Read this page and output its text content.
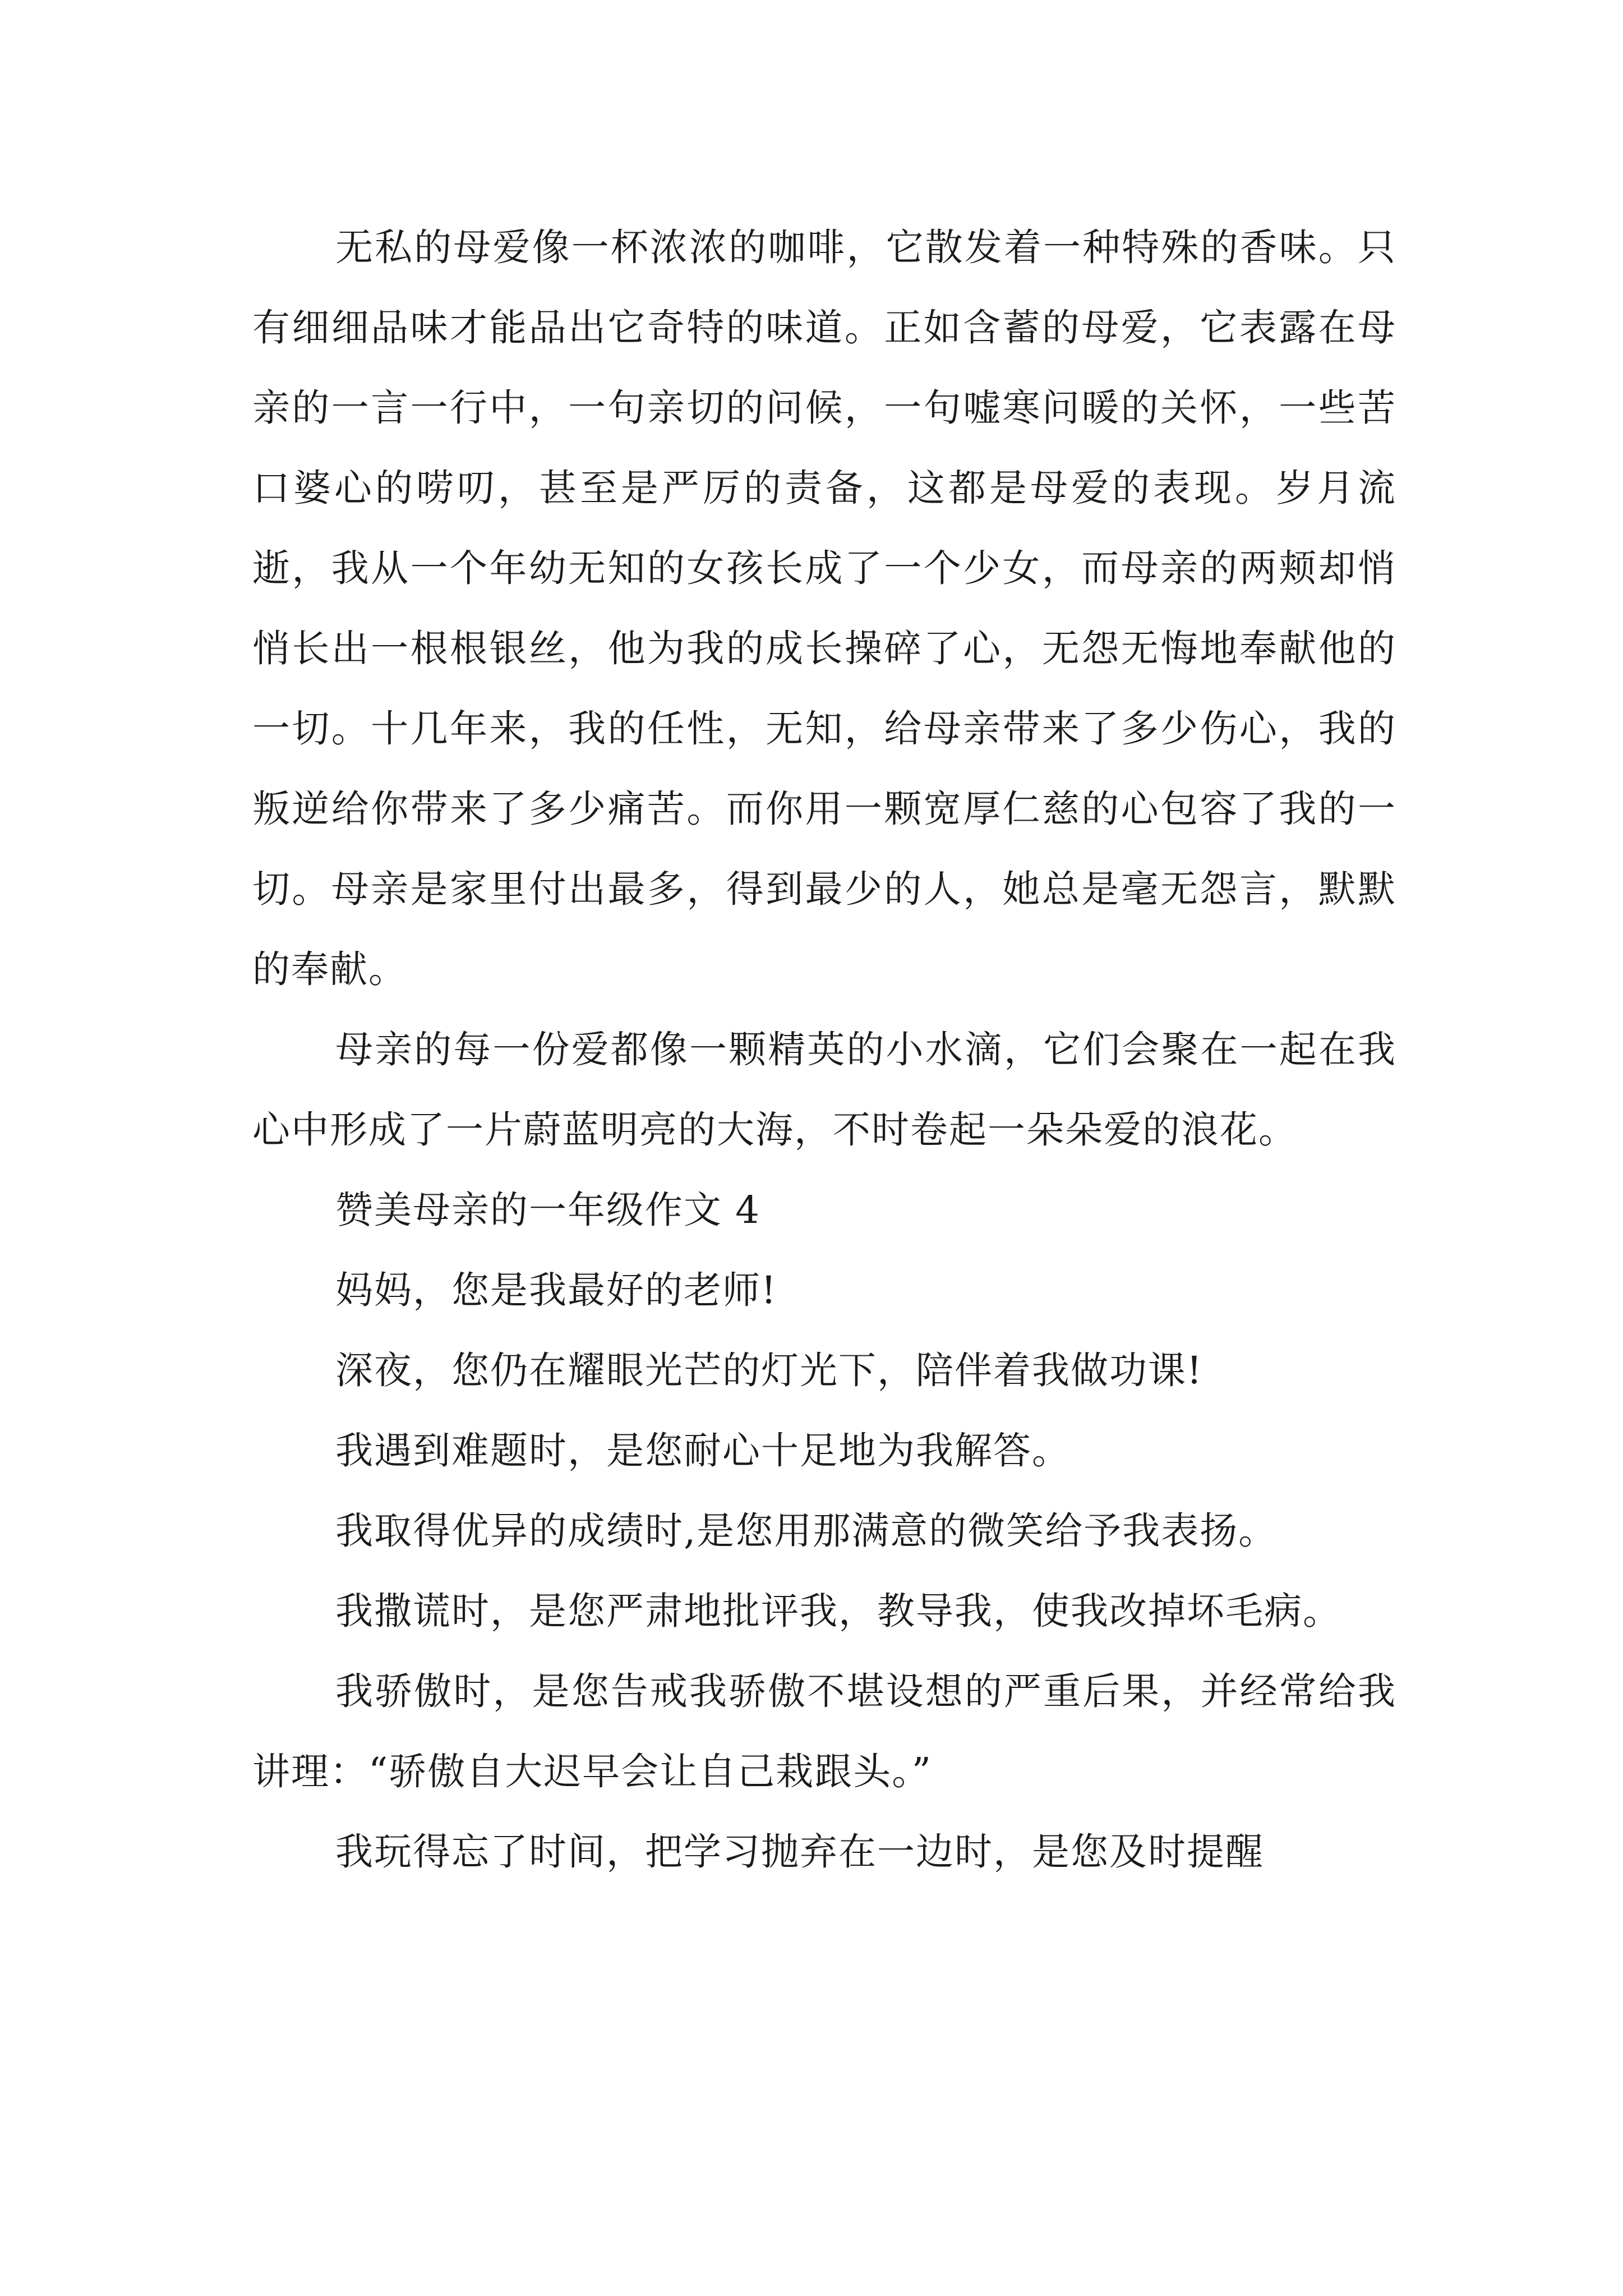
无私的母爱像一杯浓浓的咖啡，它散发着一种特殊的香味。只有细细品味才能品出它奇特的味道。正如含蓄的母爱，它表露在母亲的一言一行中，一句亲切的问候，一句嘘寒问暖的关怀，一些苦口婆心的唠叨，甚至是严厉的责备，这都是母爱的表现。岁月流逝，我从一个年幼无知的女孩长成了一个少女，而母亲的两颊却悄悄长出一根根银丝，他为我的成长操碎了心，无怨无悔地奉献他的一切。十几年来，我的任性，无知，给母亲带来了多少伤心，我的叛逆给你带来了多少痛苦。而你用一颗宽厚仁慈的心包容了我的一切。母亲是家里付出最多，得到最少的人，她总是毫无怨言，默默的奉献。

母亲的每一份爱都像一颗精英的小水滴，它们会聚在一起在我心中形成了一片蔚蓝明亮的大海，不时卷起一朵朵爱的浪花。

赞美母亲的一年级作文 4

妈妈，您是我最好的老师!

深夜，您仍在耀眼光芒的灯光下，陪伴着我做功课!

我遇到难题时，是您耐心十足地为我解答。

我取得优异的成绩时,是您用那满意的微笑给予我表扬。

我撒谎时，是您严肃地批评我，教导我，使我改掉坏毛病。

我骄傲时，是您告戒我骄傲不堪设想的严重后果，并经常给我讲理：“骄傲自大迟早会让自己栽跟头。”

我玩得忘了时间，把学习抛弃在一边时，是您及时提醒
